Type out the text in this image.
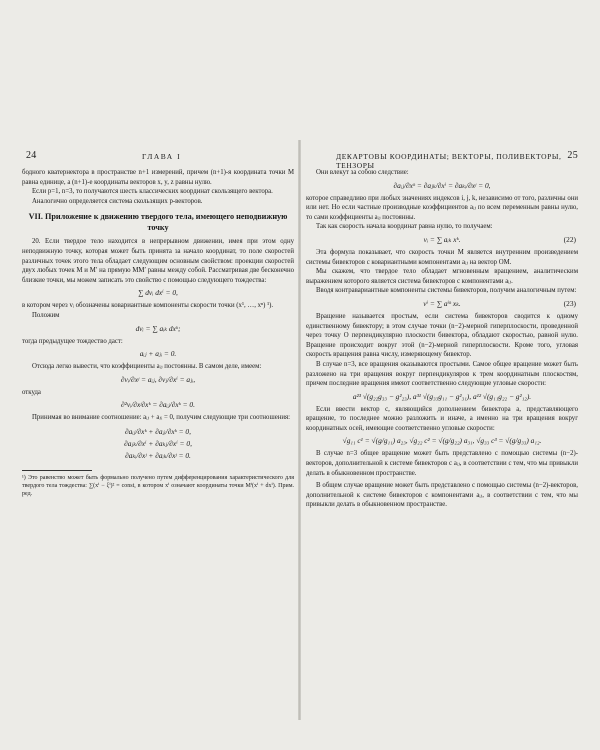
24	ГЛАВА I

бодного кватернектора в пространстве n+1 измерений, причем (n+1)-я координата точки M равна единице, а (n+1)-е координаты векторов x, y, z равны нулю.

Если p=1, n=3, то получаются шесть классических координат скользящего вектора.

Аналогично определяется система скользящих p-векторов.

VII. Приложение к движению твердого тела, имеющего неподвижную точку

20. Если твердое тело находится в непрерывном движении, имея при этом одну неподвижную точку, которая может быть принята за начало координат, то поле скоростей различных точек этого тела обладает следующим основным свойством: проекции скоростей двух любых точек M и M′ на прямую MM′ равны между собой. Рассматривая две бесконечно близкие точки, мы можем записать это свойство с помощью следующего тождества:

∑ dvᵢ dxⁱ = 0,

в котором через vᵢ обозначены ковариантные компоненты скорости точки (x¹, …, xⁿ) ¹).

Положим

dvᵢ = ∑ aᵢₖ dxᵏ;

тогда предыдущее тождество даст:

aᵢⱼ + aⱼᵢ = 0.

Отсюда легко вывести, что коэффициенты aᵢⱼ постоянны. В самом деле, имеем:

∂vᵢ/∂xʲ = aᵢⱼ, ∂vⱼ/∂xⁱ = aⱼᵢ,

откуда

∂²vᵢ/∂xʲ∂xᵏ = ∂aᵢⱼ/∂xᵏ = 0.

Принимая во внимание соотношение: aᵢⱼ + aⱼᵢ = 0, получим следующие три соотношения:

∂aᵢⱼ/∂xᵏ + ∂aⱼᵢ/∂xᵏ = 0,
∂aⱼₖ/∂xⁱ + ∂aₖⱼ/∂xⁱ = 0,
∂aₖᵢ/∂xʲ + ∂aᵢₖ/∂xʲ = 0.

¹) Это равенство может быть формально получено путем дифференцирования характеристического для твердого тела тождества: ∑(xⁱ − ξⁱ)² = const, в котором xⁱ означают координаты точки Mⁱ(xⁱ + dxⁱ). Прим. ред.

ДЕКАРТОВЫ КООРДИНАТЫ; ВЕКТОРЫ, ПОЛИВЕКТОРЫ, ТЕНЗОРЫ
25

Они влекут за собою следствие:

∂aᵢⱼ/∂xᵏ = ∂aⱼₖ/∂xⁱ = ∂aₖᵢ/∂xʲ = 0,

которое справедливо при любых значениях индексов i, j, k, независимо от того, различны они или нет. Но если частные производные коэффициентов aᵢⱼ по всем переменным равны нулю, то сами коэффициенты aᵢⱼ постоянны.

Так как скорость начала координат равна нулю, то получаем:

vᵢ = ∑ aᵢₖ xᵏ.	(22)

Эта формула показывает, что скорость точки M является внутренним произведением системы бивекторов с ковариантными компонентами aᵢⱼ на вектор OM.

Мы скажем, что твердое тело обладает мгновенным вращением, аналитическим выражением которого является система бивекторов с компонентами aᵢⱼ.

Вводя контравариантные компоненты системы бивекторов, получим аналогичным путем:

vⁱ = ∑ aⁱᵏ xₖ.	(23)

Вращение называется простым, если система бивекторов сводится к одному единственному бивектору; в этом случае точки (n−2)-мерной гиперплоскости, проведенной через точку O перпендикулярно плоскости бивектора, обладают скоростью, равной нулю. Вращение происходит вокруг этой (n−2)-мерной гиперплоскости. Кроме того, угловая скорость вращения равна числу, измеряющему бивектор.

В случае n=3, все вращения оказываются простыми. Самое общее вращение может быть разложено на три вращения вокруг перпендикуляров к трем координатным плоскостям, причем последние вращения имеют соответственно следующие угловые скорости:

a²³ √(g₂₂g₃₃ − g²₂₃), a³¹ √(g₃₃g₁₁ − g²₃₁), a¹² √(g₁₁g₂₂ − g²₁₂).

Если ввести вектор c, являющийся дополнением бивектора a, представляющего вращение, то последнее можно разложить и иначе, а именно на три вращения вокруг координатных осей, имеющие соответственно угловые скорости:

√g₁₁ c¹ = √(g/g₁₁) a₂₃, √g₂₂ c² = √(g/g₂₂) a₃₁, √g₃₃ c³ = √(g/g₃₃) a₁₂.

В случае n=3 общее вращение может быть представлено с помощью системы (n−2)-векторов, дополнительной к системе бивекторов с aᵢⱼ, в соответствии с тем, что мы привыкли делать в обыкновенном пространстве.

В общем случае вращение может быть представлено с помощью системы (n−2)-векторов, дополнительной к системе бивекторов с компонентами aᵢⱼ, в соответствии с тем, что мы привыкли делать в обыкновенном пространстве.
